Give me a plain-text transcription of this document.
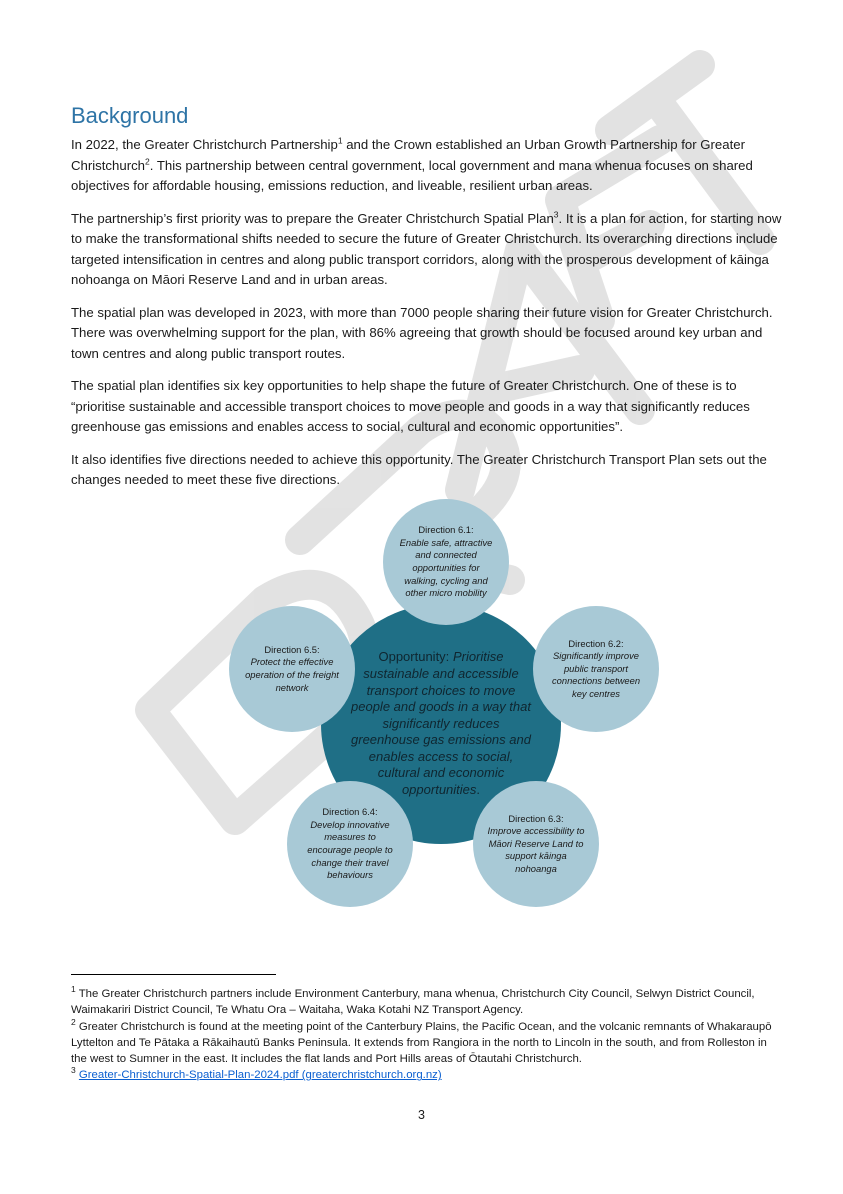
Background

In 2022, the Greater Christchurch Partnership$^1$ and the Crown established an Urban Growth Partnership for Greater Christchurch$^2$. This partnership between central government, local government and mana whenua focuses on shared objectives for affordable housing, emissions reduction, and liveable, resilient urban areas.

The partnership’s first priority was to prepare the Greater Christchurch Spatial Plan$^3$. It is a plan for action, for starting now to make the transformational shifts needed to secure the future of Greater Christchurch. Its overarching directions include targeted intensification in centres and along public transport corridors, along with the prosperous development of kāinga nohoanga on Māori Reserve Land and in urban areas.

The spatial plan was developed in 2023, with more than 7000 people sharing their future vision for Greater Christchurch. There was overwhelming support for the plan, with 86% agreeing that growth should be focused around key urban and town centres and along public transport routes.

The spatial plan identifies six key opportunities to help shape the future of Greater Christchurch. One of these is to “prioritise sustainable and accessible transport choices to move people and goods in a way that significantly reduces greenhouse gas emissions and enables access to social, cultural and economic opportunities”.

It also identifies five directions needed to achieve this opportunity. The Greater Christchurch Transport Plan sets out the changes needed to meet these five directions.

Opportunity: Prioritise sustainable and accessible transport choices to move people and goods in a way that significantly reduces greenhouse gas emissions and enables access to social, cultural and economic opportunities.
Direction 6.1:
Enable safe, attractive and connected opportunities for walking, cycling and other micro mobility
Direction 6.2:
Significantly improve public transport connections between key centres
Direction 6.3:
Improve accessibility to Māori Reserve Land to support kāinga nohoanga
Direction 6.4:
Develop innovative measures to encourage people to change their travel behaviours
Direction 6.5:
Protect the effective operation of the freight network
$^1$ The Greater Christchurch partners include Environment Canterbury, mana whenua, Christchurch City Council, Selwyn District Council, Waimakariri District Council, Te Whatu Ora – Waitaha, Waka Kotahi NZ Transport Agency.
$^2$ Greater Christchurch is found at the meeting point of the Canterbury Plains, the Pacific Ocean, and the volcanic remnants of Whakaraupō Lyttelton and Te Pātaka a Rākaihautū Banks Peninsula. It extends from Rangiora in the north to Lincoln in the south, and from Rolleston in the west to Sumner in the east. It includes the flat lands and Port Hills areas of Ōtautahi Christchurch.
$^3$ Greater-Christchurch-Spatial-Plan-2024.pdf (greaterchristchurch.org.nz)
3
